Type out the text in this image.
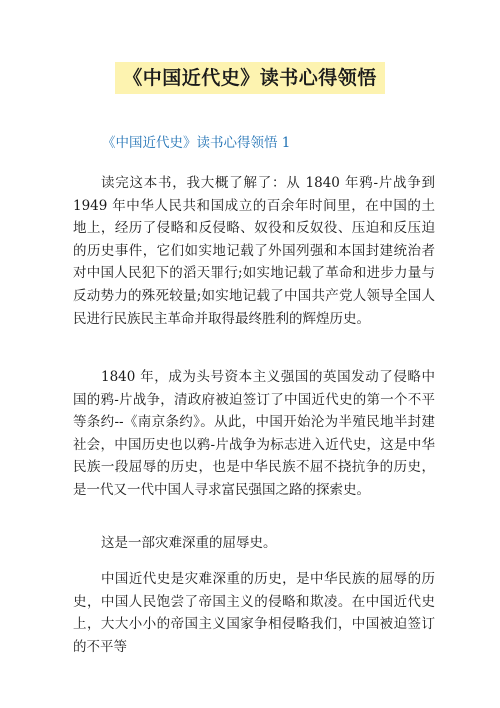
《中国近代史》读书心得领悟
《中国近代史》读书心得领悟 1

读完这本书，我大概了解了：从 1840 年鸦-片战争到 1949 年中华人民共和国成立的百余年时间里，在中国的土地上，经历了侵略和反侵略、奴役和反奴役、压迫和反压迫的历史事件，它们如实地记载了外国列强和本国封建统治者对中国人民犯下的滔天罪行;如实地记载了革命和进步力量与反动势力的殊死较量;如实地记载了中国共产党人领导全国人民进行民族民主革命并取得最终胜利的辉煌历史。

1840 年，成为头号资本主义强国的英国发动了侵略中国的鸦-片战争，清政府被迫签订了中国近代史的第一个不平等条约--《南京条约》。从此，中国开始沦为半殖民地半封建社会，中国历史也以鸦-片战争为标志进入近代史，这是中华民族一段屈辱的历史，也是中华民族不屈不挠抗争的历史，是一代又一代中国人寻求富民强国之路的探索史。

这是一部灾难深重的屈辱史。

中国近代史是灾难深重的历史，是中华民族的屈辱的历史，中国人民饱尝了帝国主义的侵略和欺凌。在中国近代史上，大大小小的帝国主义国家争相侵略我们，中国被迫签订的不平等
